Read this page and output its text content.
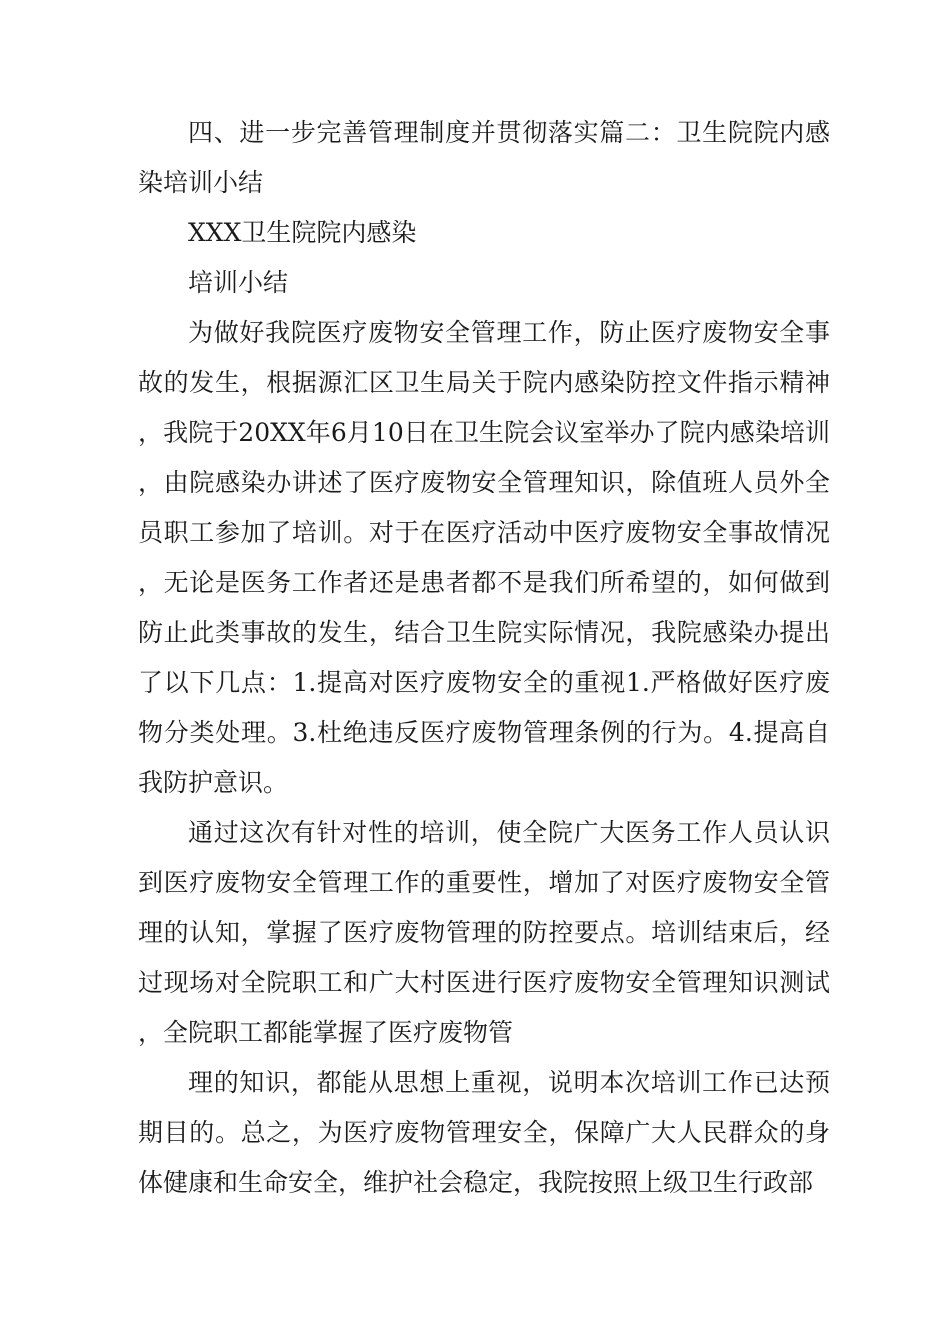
四、进一步完善管理制度并贯彻落实篇二：卫生院院内感染培训小结

XXX卫生院院内感染

培训小结

为做好我院医疗废物安全管理工作，防止医疗废物安全事故的发生，根据源汇区卫生局关于院内感染防控文件指示精神，我院于20XX年6月10日在卫生院会议室举办了院内感染培训，由院感染办讲述了医疗废物安全管理知识，除值班人员外全员职工参加了培训。对于在医疗活动中医疗废物安全事故情况，无论是医务工作者还是患者都不是我们所希望的，如何做到防止此类事故的发生，结合卫生院实际情况，我院感染办提出了以下几点：1.提高对医疗废物安全的重视1.严格做好医疗废物分类处理。3.杜绝违反医疗废物管理条例的行为。4.提高自我防护意识。

通过这次有针对性的培训，使全院广大医务工作人员认识到医疗废物安全管理工作的重要性，增加了对医疗废物安全管理的认知，掌握了医疗废物管理的防控要点。培训结束后，经过现场对全院职工和广大村医进行医疗废物安全管理知识测试，全院职工都能掌握了医疗废物管

理的知识，都能从思想上重视，说明本次培训工作已达预期目的。总之，为医疗废物管理安全，保障广大人民群众的身体健康和生命安全，维护社会稳定，我院按照上级卫生行政部
